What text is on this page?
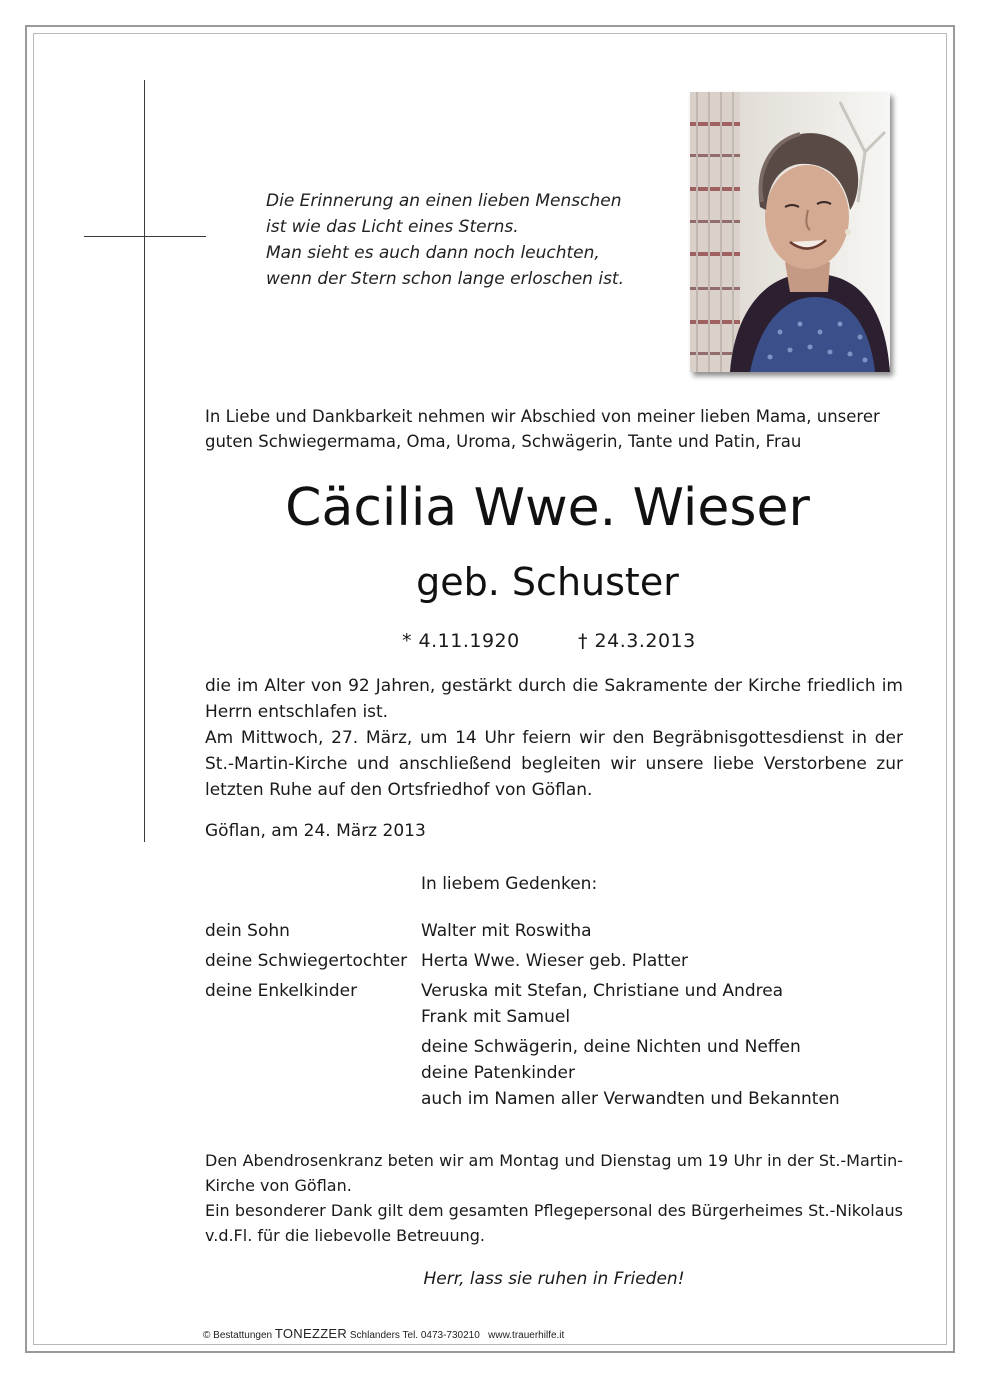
Die Erinnerung an einen lieben Menschen
ist wie das Licht eines Sterns.
Man sieht es auch dann noch leuchten,
wenn der Stern schon lange erloschen ist.
In Liebe und Dankbarkeit nehmen wir Abschied von meiner lieben Mama, unserer
guten Schwiegermama, Oma, Uroma, Schwägerin, Tante und Patin, Frau
Cäcilia Wwe. Wieser
geb. Schuster
* 4.11.1920	† 24.3.2013

die im Alter von 92 Jahren, gestärkt durch die Sakramente der Kirche friedlich im Herrn entschlafen ist.

Am Mittwoch, 27. März, um 14 Uhr feiern wir den Begräbnisgottesdienst in der St.-Martin-Kirche und anschließend begleiten wir unsere liebe Verstorbene zur letzten Ruhe auf den Ortsfriedhof von Göflan.

Göflan, am 24. März 2013
In liebem Gedenken:
dein Sohn	Walter mit Roswitha
deine Schwiegertochter Herta Wwe. Wieser geb. Platter
deine Enkelkinder	Veruska mit Stefan, Christiane und Andrea
Frank mit Samuel
deine Schwägerin, deine Nichten und Neffen
deine Patenkinder
auch im Namen aller Verwandten und Bekannten

Den Abendrosenkranz beten wir am Montag und Dienstag um 19 Uhr in der St.-Martin-Kirche von Göflan.

Ein besonderer Dank gilt dem gesamten Pflegepersonal des Bürgerheimes St.-Nikolaus v.d.Fl. für die liebevolle Betreuung.

Herr, lass sie ruhen in Frieden!
© Bestattungen TONEZZER Schlanders Tel. 0473-730210 www.trauerhilfe.it
